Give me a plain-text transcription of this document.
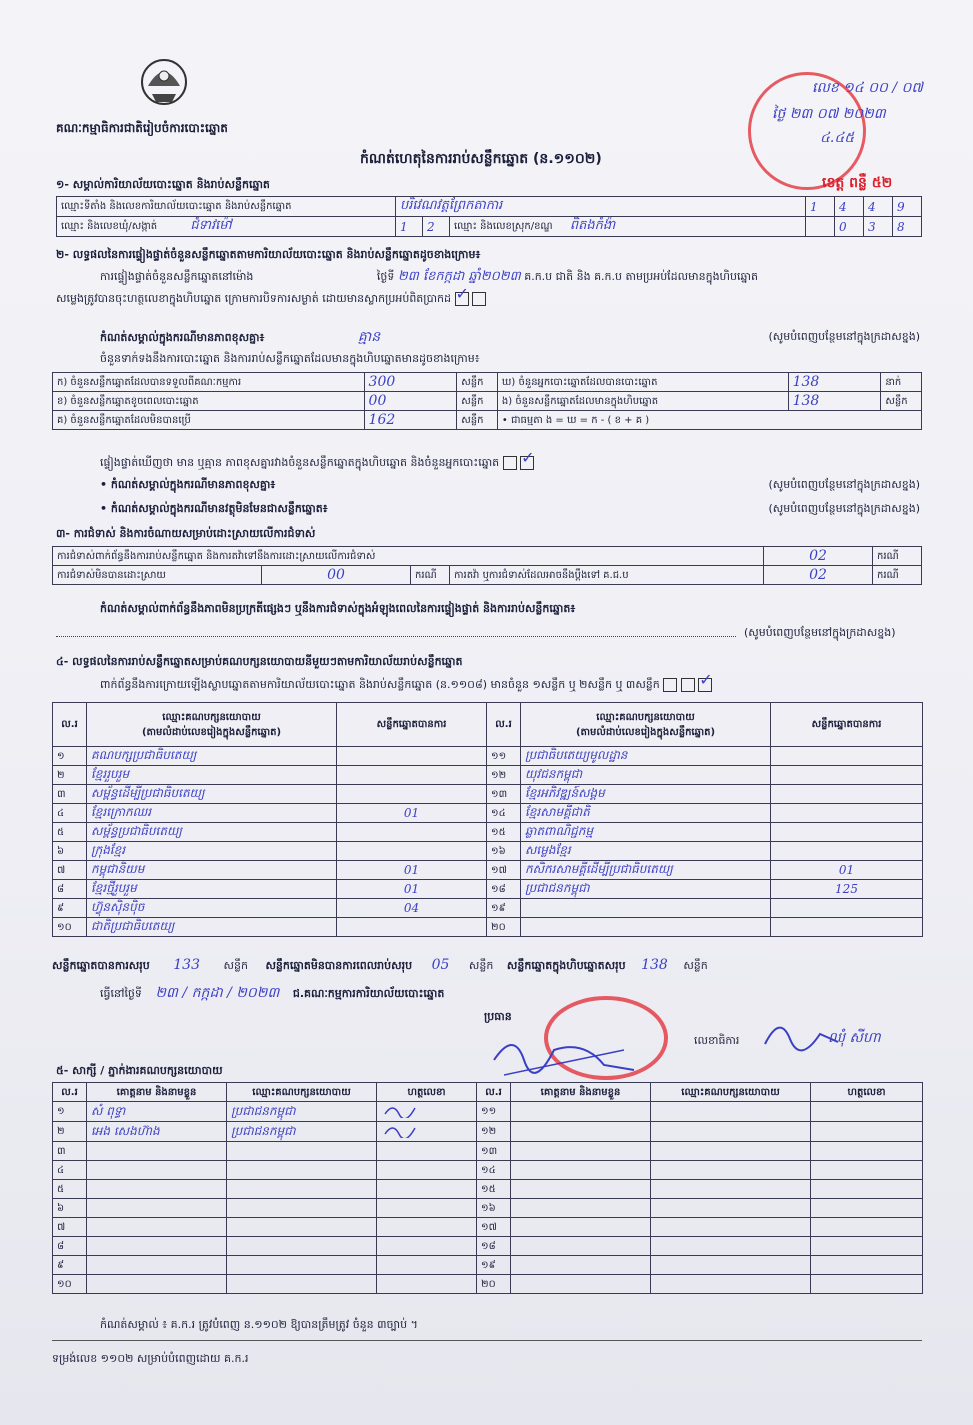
គណៈកម្មាធិការជាតិរៀបចំការបោះឆ្នោត
កំណត់ហេតុនៃការរាប់សន្លឹកឆ្នោត (ន.១១០២)
លេខ ១៤ ០០ / ០៧
ថ្ងៃ ២៣ ០៧ ២០២៣
៤.៤៥
ខេត្ត ពន្លឺ ៥២
១- សម្គាល់ការិយាល័យបោះឆ្នោត និងរាប់សន្លឹកឆ្នោត
ឈ្មោះទីតាំង និងលេខការិយាល័យបោះឆ្នោត និងរាប់សន្លឹកឆ្នោត	បរិវេណវត្តព្រែកតាការ			1	4	4	9
ឈ្មោះ និងលេខឃុំ/សង្កាត់ ជំទាវម៉ៅ	1	2	ឈ្មោះ និងលេខស្រុក/ខណ្ឌ ពិតងកំង៉ា		0	3	8
២- លទ្ធផលនៃការផ្ទៀងផ្ទាត់ចំនួនសន្លឹកឆ្នោតតាមការិយាល័យបោះឆ្នោត និងរាប់សន្លឹកឆ្នោតដូចខាងក្រោម៖
ការផ្ទៀងផ្ទាត់ចំនួនសន្លឹកឆ្នោតនៅម៉ោង	ថ្ងៃទី ២៣ ខែកក្កដា ឆ្នាំ២០២៣ គ.ក.ប ជាតិ និង គ.ក.ប តាមប្រអប់ដែលមានក្នុងហិបឆ្នោត
សម្លេងត្រូវបានចុះហត្ថលេខាក្នុងហិបឆ្នោត ក្រោមការបិទការសម្ងាត់ ដោយមានស្លាកប្រអប់ពិតប្រាកដ ✓
កំណត់សម្គាល់ក្នុងករណីមានភាពខុសគ្នា៖	គ្មាន	(សូមបំពេញបន្ថែមនៅក្នុងក្រដាសខ្នង)
ចំនួនទាក់ទងនឹងការបោះឆ្នោត និងការរាប់សន្លឹកឆ្នោតដែលមានក្នុងហិបឆ្នោតមានដូចខាងក្រោម៖
ក) ចំនួនសន្លឹកឆ្នោតដែលបានទទួលពីគណៈកម្មការ	300	សន្លឹក	ឃ) ចំនួនអ្នកបោះឆ្នោតដែលបានបោះឆ្នោត	138	នាក់
ខ) ចំនួនសន្លឹកឆ្នោតខូចពេលបោះឆ្នោត	00	សន្លឹក	ង) ចំនួនសន្លឹកឆ្នោតដែលមានក្នុងហិបឆ្នោត	138	សន្លឹក
គ) ចំនួនសន្លឹកឆ្នោតដែលមិនបានប្រើ	162	សន្លឹក	• ជាធម្មតា ង = ឃ = ក - ( ខ + គ )		
ផ្ទៀងផ្ទាត់ឃើញថា មាន ឬគ្មាន ភាពខុសគ្នារវាងចំនួនសន្លឹកឆ្នោតក្នុងហិបឆ្នោត និងចំនួនអ្នកបោះឆ្នោត  ✓
• កំណត់សម្គាល់ក្នុងករណីមានភាពខុសគ្នា៖	(សូមបំពេញបន្ថែមនៅក្នុងក្រដាសខ្នង)
• កំណត់សម្គាល់ក្នុងករណីមានវត្ថុមិនមែនជាសន្លឹកឆ្នោត៖	(សូមបំពេញបន្ថែមនៅក្នុងក្រដាសខ្នង)
៣- ការជំទាស់ និងការចំណាយសម្រាប់ដោះស្រាយលើការជំទាស់
ការជំទាស់ពាក់ព័ន្ធនឹងការរាប់សន្លឹកឆ្នោត និងការតវ៉ាទៅនឹងការដោះស្រាយលើការជំទាស់				02	ករណី
ការជំទាស់មិនបានដោះស្រាយ	00	ករណី	ការតវ៉ា ឬការជំទាស់ដែលអាចនឹងប្ដឹងទៅ គ.ជ.ប	02	ករណី
កំណត់សម្គាល់ពាក់ព័ន្ធនឹងភាពមិនប្រក្រតីផ្សេងៗ ឬនឹងការជំទាស់ក្នុងអំឡុងពេលនៃការផ្ទៀងផ្ទាត់ និងការរាប់សន្លឹកឆ្នោត៖
(សូមបំពេញបន្ថែមនៅក្នុងក្រដាសខ្នង)
៤- លទ្ធផលនៃការរាប់សន្លឹកឆ្នោតសម្រាប់គណបក្សនយោបាយនីមួយៗតាមការិយាល័យរាប់សន្លឹកឆ្នោត
ពាក់ព័ន្ធនឹងការក្រោយឡើងស្លាបឆ្នោតតាមការិយាល័យបោះឆ្នោត និងរាប់សន្លឹកឆ្នោត (ន.១១០៨) មានចំនួន ១សន្លឹក ឬ ២សន្លឹក ឬ ៣សន្លឹក   ✓
ល.រ	ឈ្មោះគណបក្សនយោបាយ
(តាមលំដាប់លេខរៀងក្នុងសន្លឹកឆ្នោត)	សន្លឹកឆ្នោតបានការ	ល.រ	ឈ្មោះគណបក្សនយោបាយ
(តាមលំដាប់លេខរៀងក្នុងសន្លឹកឆ្នោត)	សន្លឹកឆ្នោតបានការ
១	គណបក្សប្រជាធិបតេយ្យ		១១	ប្រជាធិបតេយ្យមូលដ្ឋាន	
២	ខ្មែររួបរួម		១២	យុវជនកម្ពុជា	
៣	សម្ព័ន្ធដើម្បីប្រជាធិបតេយ្យ		១៣	ខ្មែរអភិវឌ្ឍន៍សង្គម	
៤	ខ្មែរក្រោកឈរ	01	១៤	ខ្មែរសាមគ្គីជាតិ	
៥	សម្ព័ន្ធប្រជាធិបតេយ្យ		១៥	ឆ្លាតពាណិជ្ជកម្ម	
៦	ក្រុងខ្មែរ		១៦	សម្លេងខ្មែរ	
៧	កម្ពុជានិយម	01	១៧	កសិករសាមគ្គីដើម្បីប្រជាធិបតេយ្យ	01
៨	ខ្មែរថ្មីរួបរួម	01	១៨	ប្រជាជនកម្ពុជា	125
៩	ហ៊្វុនស៊ិនប៉ិច	04	១៩		
១០	ជាតិប្រជាធិបតេយ្យ		២០		
សន្លឹកឆ្នោតបានការសរុប 133 សន្លឹក សន្លឹកឆ្នោតមិនបានការពេលរាប់សរុប 05 សន្លឹក សន្លឹកឆ្នោតក្នុងហិបឆ្នោតសរុប 138 សន្លឹក
ធ្វើនៅថ្ងៃទី ២៣ / កក្កដា / ២០២៣ ជ.គណៈកម្មការការិយាល័យបោះឆ្នោត
ប្រធាន
លេខាធិការ	ឈុំ សីហា
៥- សាក្សី / ភ្នាក់ងារគណបក្សនយោបាយ
ល.រ	គោត្តនាម និងនាមខ្លួន	ឈ្មោះគណបក្សនយោបាយ	ហត្ថលេខា	ល.រ	គោត្តនាម និងនាមខ្លួន	ឈ្មោះគណបក្សនយោបាយ	ហត្ថលេខា
១	សំ ពុទ្ធា	ប្រជាជនកម្ពុជា		១១			
២	អេង សេងហ៊ាង	ប្រជាជនកម្ពុជា		១២			
៣				១៣			
៤				១៤			
៥				១៥			
៦				១៦			
៧				១៧			
៨				១៨			
៩				១៩			
១០				២០			
កំណត់សម្គាល់ ៖ គ.ក.រ ត្រូវបំពេញ ន.១១០២ ឱ្យបានត្រឹមត្រូវ ចំនួន ៣ច្បាប់ ។
ទម្រង់លេខ ១១០២ សម្រាប់បំពេញដោយ គ.ក.រ
